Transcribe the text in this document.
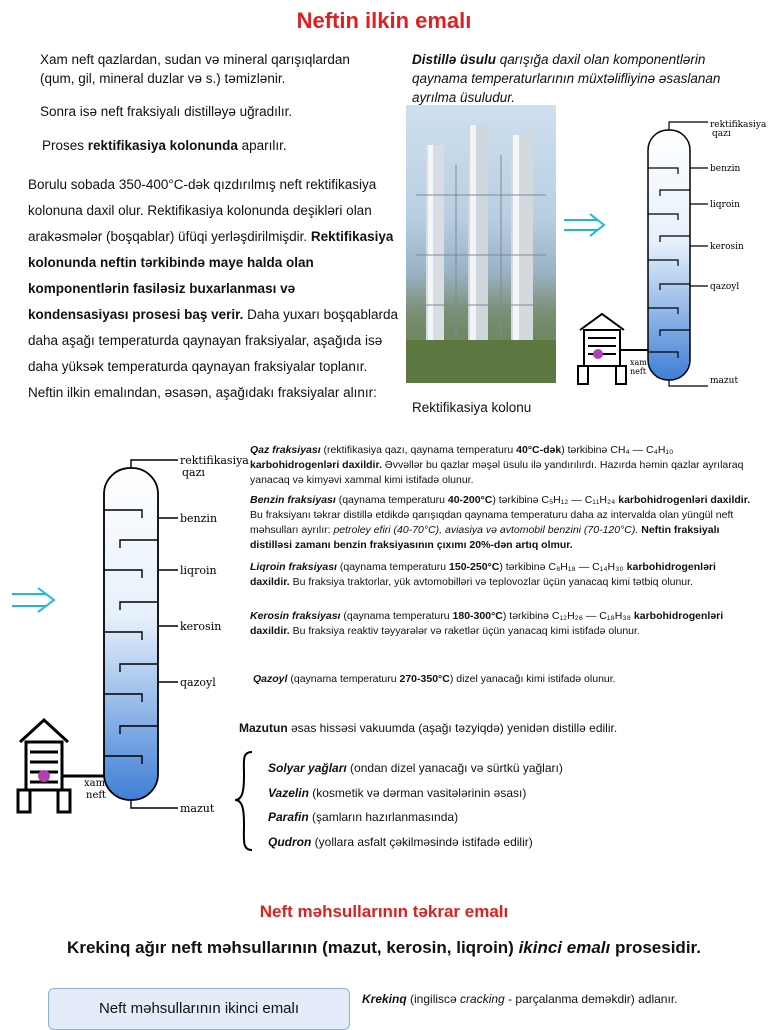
Neftin ilkin emalı
Xam neft qazlardan, sudan və mineral qarışıqlardan (qum, gil, mineral duzlar və s.) təmizlənir.
Sonra isə neft fraksiyalı distilləyə uğradılır.
Proses rektifikasiya kolonunda aparılır.
Borulu sobada 350-400°C-dək qızdırılmış neft rektifikasiya kolonuna daxil olur. Rektifikasiya kolonunda deşikləri olan arakəsmələr (boşqablar) üfüqi yerləşdirilmişdir. Rektifikasiya kolonunda neftin tərkibində maye halda olan komponentlərin fasiləsiz buxarlanması və kondensasiyası prosesi baş verir. Daha yuxarı boşqablarda daha aşağı temperaturda qaynayan fraksiyalar, aşağıda isə daha yüksək temperaturda qaynayan fraksiyalar toplanır. Neftin ilkin emalından, əsasən, aşağıdakı fraksiyalar alınır:
Distillə üsulu qarışığa daxil olan komponentlərin qaynama temperaturlarının müxtəlifliyinə əsaslanan ayrılma üsuludur.
Rektifikasiya kolonu
rektifikasiya
qazı
benzin
liqroin
kerosin
qazoyl
mazut
xam
neft
rektifikasiya
qazı
benzin
liqroin
kerosin
qazoyl
mazut
xam
neft
Qaz fraksiyası (rektifikasiya qazı, qaynama temperaturu 40°C-dək) tərkibinə CH₄ — C₄H₁₀ karbohidrogenləri daxildir. Əvvəllər bu qazlar məşəl üsulu ilə yandırılırdı. Hazırda həmin qazlar ayrılaraq yanacaq və kimyəvi xammal kimi istifadə olunur.
Benzin fraksiyası (qaynama temperaturu 40-200°C) tərkibinə C₅H₁₂ — C₁₁H₂₄ karbohidrogenləri daxildir. Bu fraksiyanı təkrar distillə etdikdə qarışıqdan qaynama temperaturu daha az intervalda olan yüngül neft məhsulları ayrılır: petroley efiri (40-70°C), aviasiya və avtomobil benzini (70-120°C). Neftin fraksiyalı distilləsi zamanı benzin fraksiyasının çıxımı 20%-dən artıq olmur.
Liqroin fraksiyası (qaynama temperaturu 150-250°C) tərkibinə C₈H₁₈ — C₁₄H₃₀ karbohidrogenləri daxildir. Bu fraksiya traktorlar, yük avtomobilləri və teplovozlar üçün yanacaq kimi tətbiq olunur.
Kerosin fraksiyası (qaynama temperaturu 180-300°C) tərkibinə C₁₂H₂₆ — C₁₈H₃₈ karbohidrogenləri daxildir. Bu fraksiya reaktiv təyyarələr və raketlər üçün yanacaq kimi istifadə olunur.
Qazoyl (qaynama temperaturu 270-350°C) dizel yanacağı kimi istifadə olunur.
Mazutun əsas hissəsi vakuumda (aşağı təzyiqdə) yenidən distillə edilir.
Solyar yağları (ondan dizel yanacağı və sürtkü yağları)
Vazelin (kosmetik və dərman vasitələrinin əsası)
Parafin (şamların hazırlanmasında)
Qudron (yollara asfalt çəkilməsində istifadə edilir)
Neft məhsullarının təkrar emalı
Krekinq ağır neft məhsullarının (mazut, kerosin, liqroin) ikinci emalı prosesidir.
Neft məhsullarının ikinci emalı
Krekinq (ingiliscə cracking - parçalanma deməkdir) adlanır.
